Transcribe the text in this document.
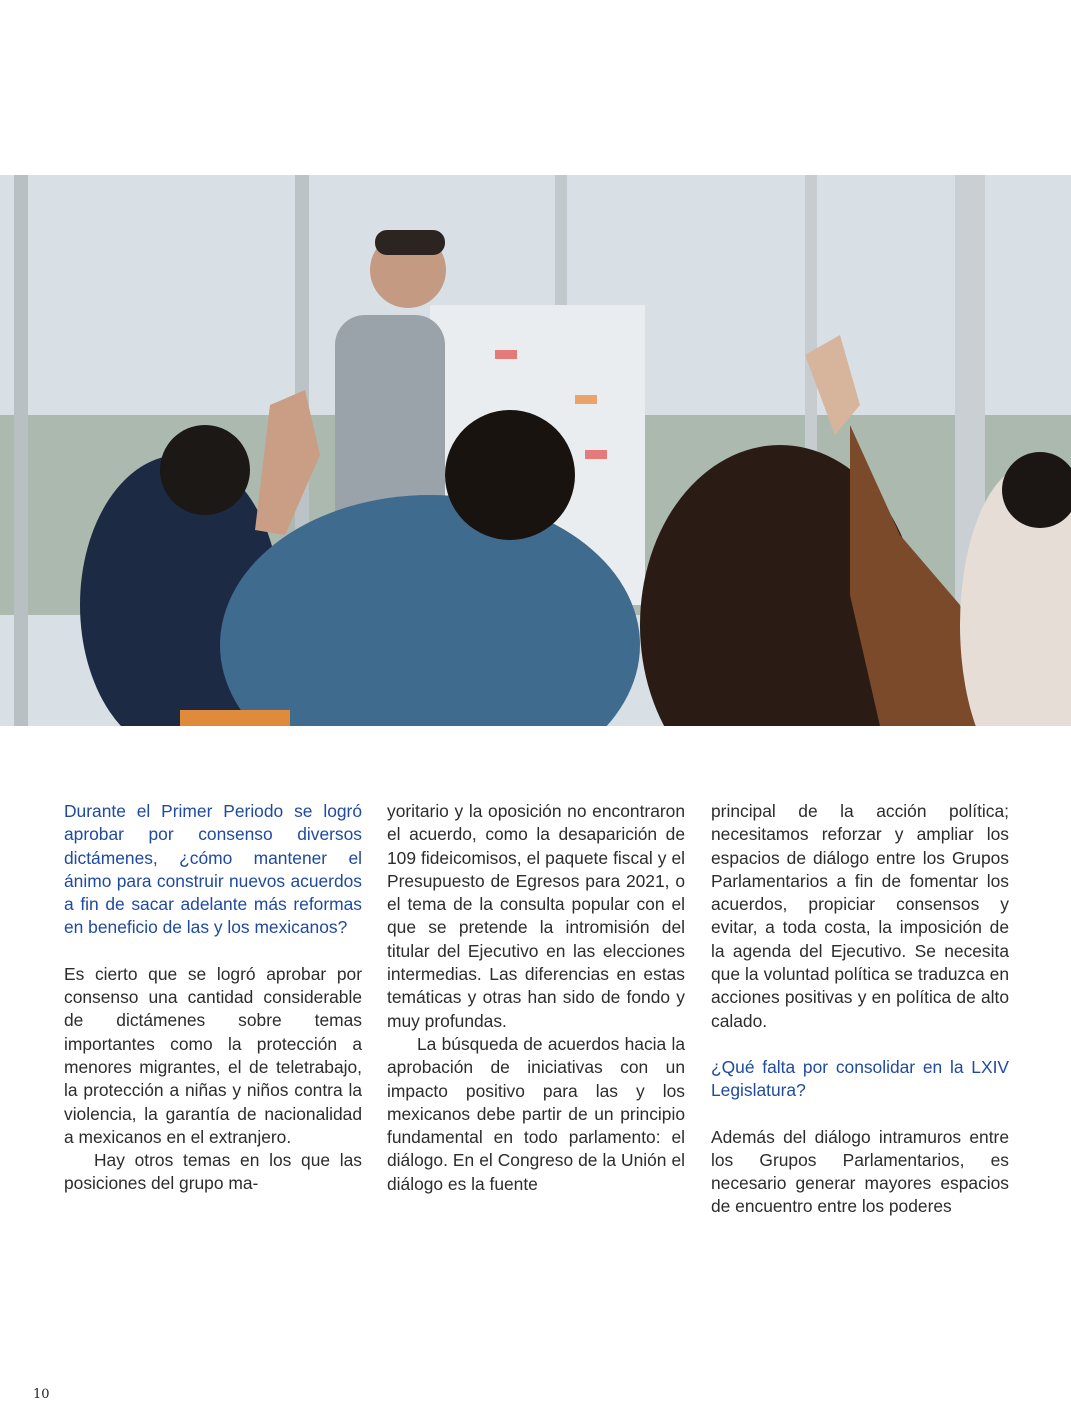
Durante el Primer Periodo se logró aprobar por consenso diversos dictámenes, ¿cómo mantener el ánimo para construir nuevos acuerdos a fin de sacar adelante más reformas en beneficio de las y los mexicanos?

Es cierto que se logró aprobar por consenso una cantidad considerable de dictámenes sobre temas importantes como la protección a menores migrantes, el de teletrabajo, la protección a niñas y niños contra la violencia, la garantía de nacionalidad a mexicanos en el extranjero.

Hay otros temas en los que las posiciones del grupo ma-

yoritario y la oposición no encontraron el acuerdo, como la desaparición de 109 fideicomisos, el paquete fiscal y el Presupuesto de Egresos para 2021, o el tema de la consulta popular con el que se pretende la intromisión del titular del Ejecutivo en las elecciones intermedias. Las diferencias en estas temáticas y otras han sido de fondo y muy profundas.

La búsqueda de acuerdos hacia la aprobación de iniciativas con un impacto positivo para las y los mexicanos debe partir de un principio fundamental en todo parlamento: el diálogo. En el Congreso de la Unión el diálogo es la fuente

principal de la acción política; necesitamos reforzar y ampliar los espacios de diálogo entre los Grupos Parlamentarios a fin de fomentar los acuerdos, propiciar consensos y evitar, a toda costa, la imposición de la agenda del Ejecutivo. Se necesita que la voluntad política se traduzca en acciones positivas y en política de alto calado.

¿Qué falta por consolidar en la LXIV Legislatura?

Además del diálogo intramuros entre los Grupos Parlamentarios, es necesario generar mayores espacios de encuentro entre los poderes

10
